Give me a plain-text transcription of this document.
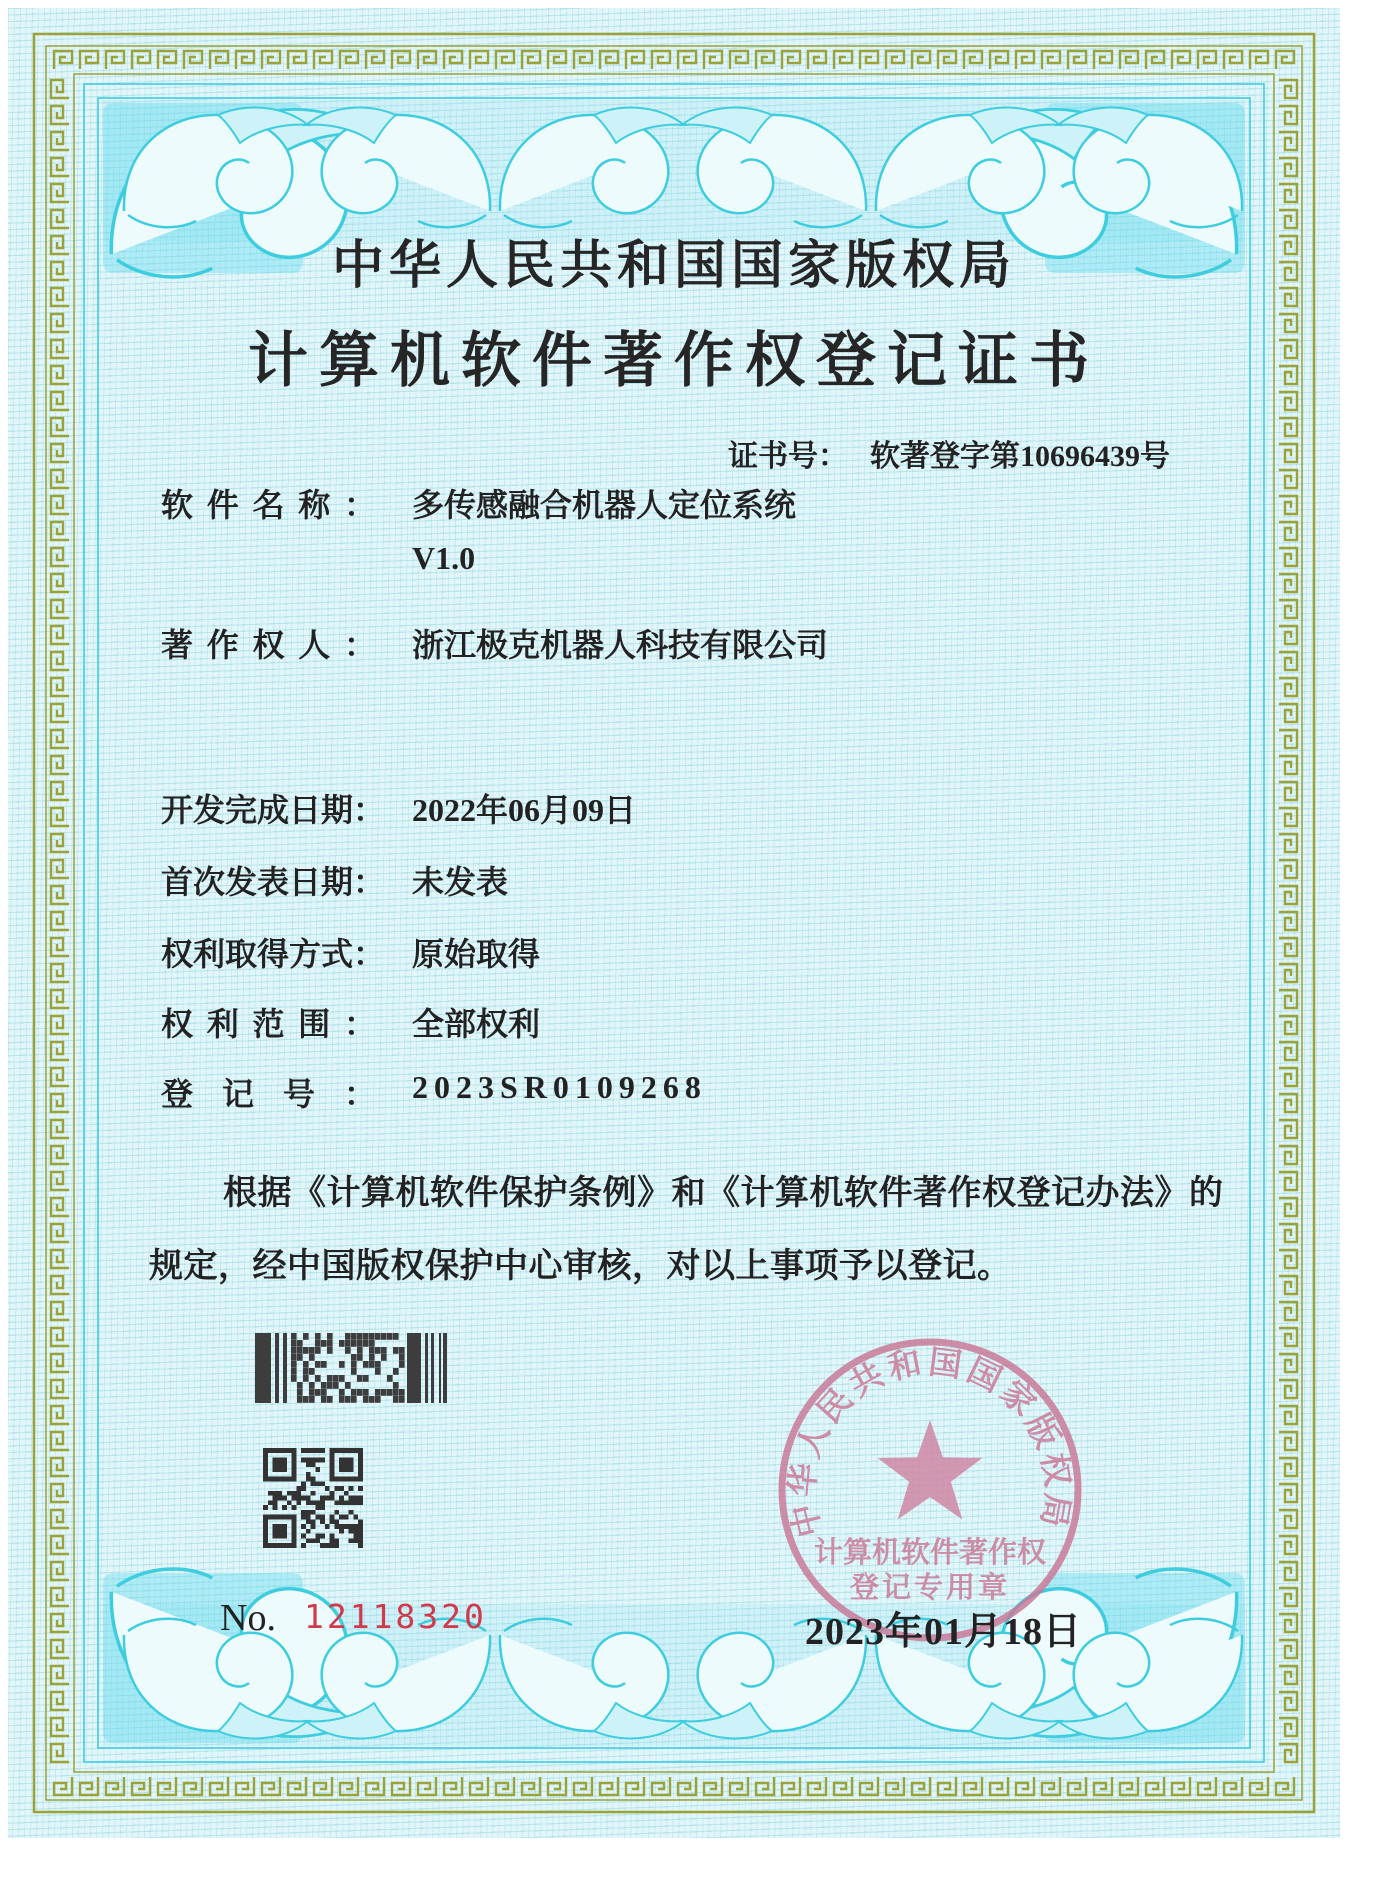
中华人民共和国国家版权局
计算机软件著作权登记证书
证书号： 软著登字第10696439号
软件名称： 多传感融合机器人定位系统
V1.0
著作权人： 浙江极克机器人科技有限公司
开发完成日期： 2022年06月09日
首次发表日期： 未发表
权利取得方式： 原始取得
权利范围： 全部权利
登记号： 2023SR0109268
根据《计算机软件保护条例》和《计算机软件著作权登记办法》的
规定，经中国版权保护中心审核，对以上事项予以登记。
中华人民共和国国家版权局
计算机软件著作权
登记专用章
No. 12118320	2023年01月18日
